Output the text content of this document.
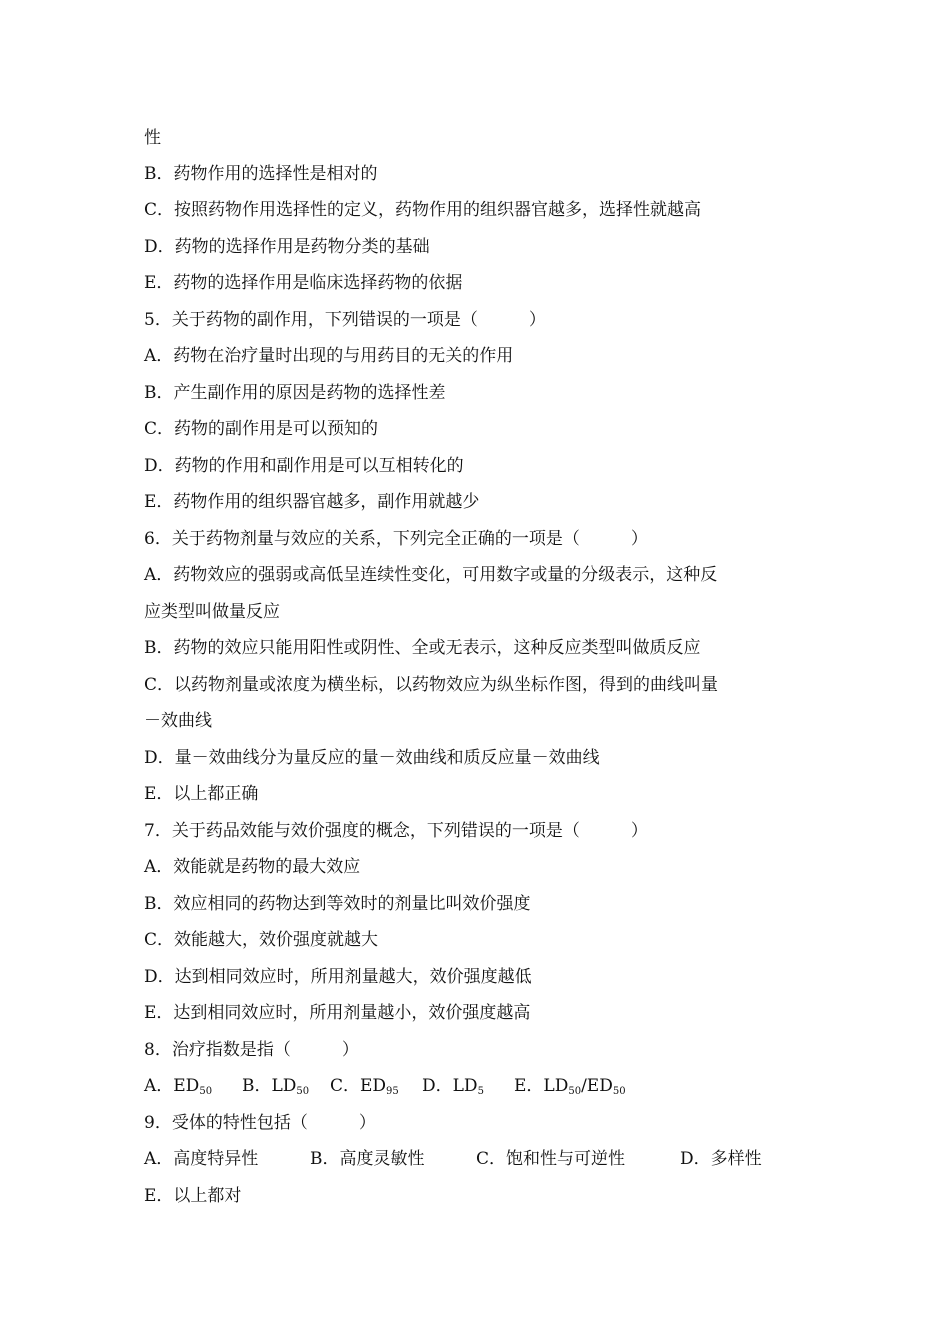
性
B．药物作用的选择性是相对的
C．按照药物作用选择性的定义，药物作用的组织器官越多，选择性就越高
D．药物的选择作用是药物分类的基础
E．药物的选择作用是临床选择药物的依据
5．关于药物的副作用，下列错误的一项是（　　　）
A．药物在治疗量时出现的与用药目的无关的作用
B．产生副作用的原因是药物的选择性差
C．药物的副作用是可以预知的
D．药物的作用和副作用是可以互相转化的
E．药物作用的组织器官越多，副作用就越少
6．关于药物剂量与效应的关系，下列完全正确的一项是（　　　）
A．药物效应的强弱或高低呈连续性变化，可用数字或量的分级表示，这种反
应类型叫做量反应
B．药物的效应只能用阳性或阴性、全或无表示，这种反应类型叫做质反应
C．以药物剂量或浓度为横坐标，以药物效应为纵坐标作图，得到的曲线叫量
－效曲线
D．量－效曲线分为量反应的量－效曲线和质反应量－效曲线
E．以上都正确
7．关于药品效能与效价强度的概念，下列错误的一项是（　　　）
A．效能就是药物的最大效应
B．效应相同的药物达到等效时的剂量比叫效价强度
C．效能越大，效价强度就越大
D．达到相同效应时，所用剂量越大，效价强度越低
E．达到相同效应时，所用剂量越小，效价强度越高
8．治疗指数是指（　　　）
A．$ED_{50}$ B．$LD_{50}$ C．$ED_{95}$ D．$LD_5$ E．$LD_{50}/ED_{50}$
9．受体的特性包括（　　　）
A．高度特异性	B．高度灵敏性	C．饱和性与可逆性	D．多样性
E．以上都对
